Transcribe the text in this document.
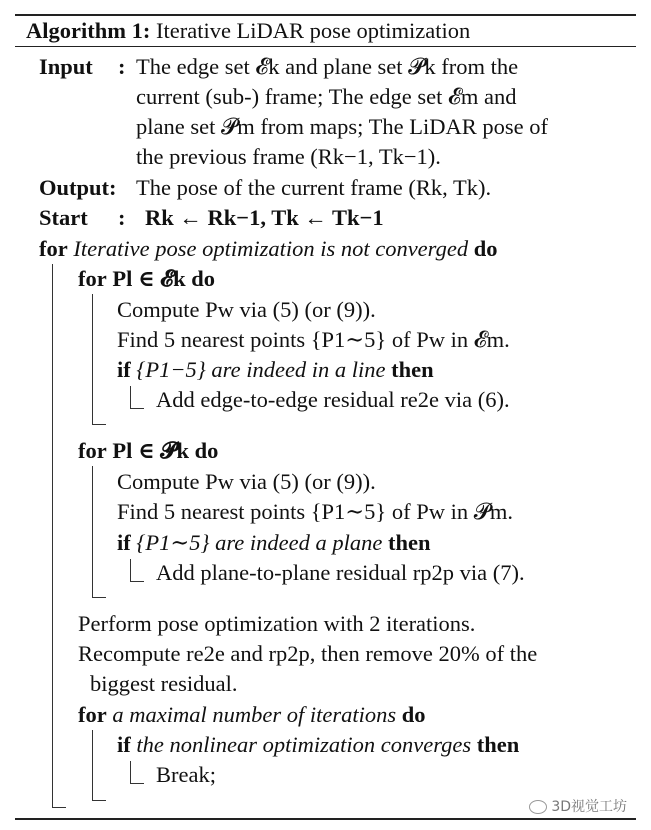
Algorithm 1: Iterative LiDAR pose optimization
Input : The edge set 𝓔k and plane set 𝓟k from the
current (sub-) frame; The edge set 𝓔m and
plane set 𝓟m from maps; The LiDAR pose of
the previous frame (Rk−1, Tk−1).
Output: The pose of the current frame (Rk, Tk).
Start : Rk ← Rk−1, Tk ← Tk−1
for Iterative pose optimization is not converged do
for Pl ∈ 𝓔k do
Compute Pw via (5) (or (9)).
Find 5 nearest points {P1∼5} of Pw in 𝓔m.
if {P1−5} are indeed in a line then
Add edge-to-edge residual re2e via (6).
for Pl ∈ 𝓟k do
Compute Pw via (5) (or (9)).
Find 5 nearest points {P1∼5} of Pw in 𝓟m.
if {P1∼5} are indeed a plane then
Add plane-to-plane residual rp2p via (7).
Perform pose optimization with 2 iterations.
Recompute re2e and rp2p, then remove 20% of the
biggest residual.
for a maximal number of iterations do
if the nonlinear optimization converges then
Break;
3D视觉工坊
